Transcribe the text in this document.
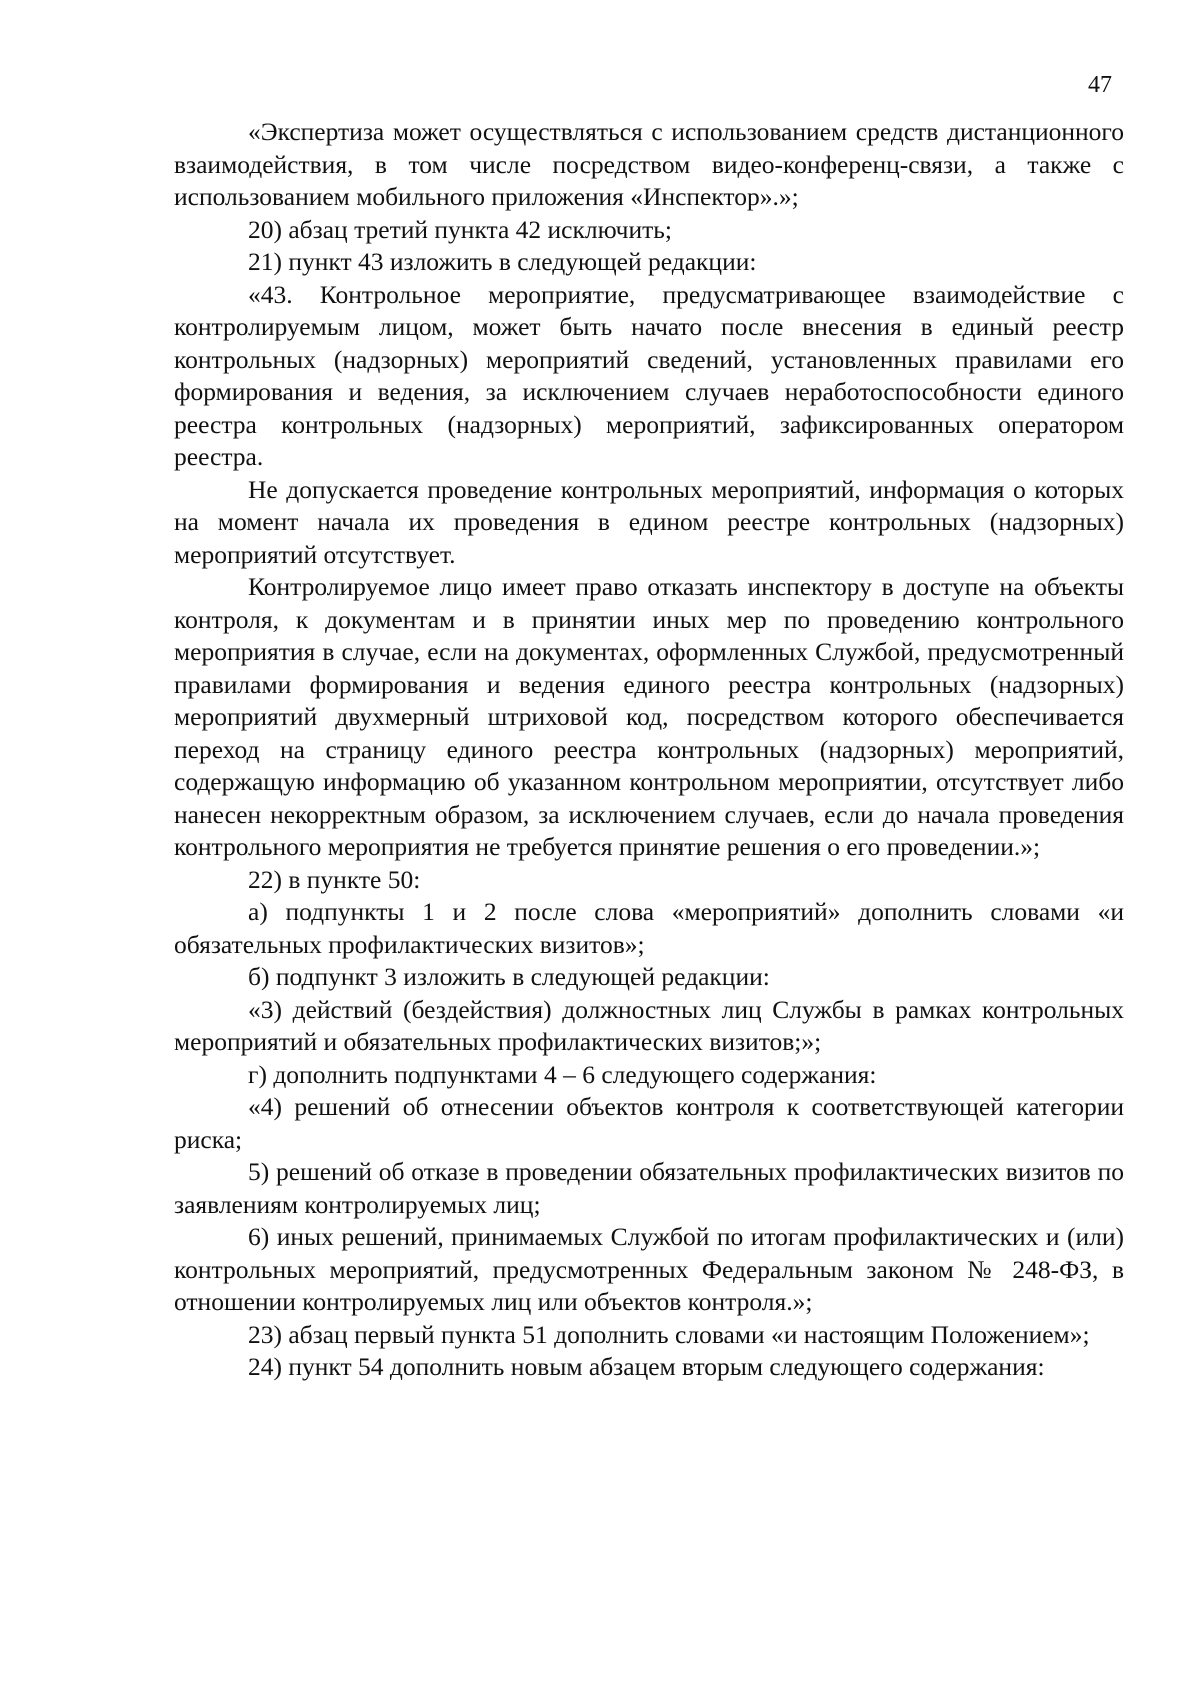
47

«Экспертиза может осуществляться с использованием средств дистанционного взаимодействия, в том числе посредством видео-конференц-связи, а также с использованием мобильного приложения «Инспектор».»;

20) абзац третий пункта 42 исключить;

21) пункт 43 изложить в следующей редакции:

«43. Контрольное мероприятие, предусматривающее взаимодействие с контролируемым лицом, может быть начато после внесения в единый реестр контрольных (надзорных) мероприятий сведений, установленных правилами его формирования и ведения, за исключением случаев неработоспособности единого реестра контрольных (надзорных) мероприятий, зафиксированных оператором реестра.

Не допускается проведение контрольных мероприятий, информация о которых на момент начала их проведения в едином реестре контрольных (надзорных) мероприятий отсутствует.

Контролируемое лицо имеет право отказать инспектору в доступе на объекты контроля, к документам и в принятии иных мер по проведению контрольного мероприятия в случае, если на документах, оформленных Службой, предусмотренный правилами формирования и ведения единого реестра контрольных (надзорных) мероприятий двухмерный штриховой код, посредством которого обеспечивается переход на страницу единого реестра контрольных (надзорных) мероприятий, содержащую информацию об указанном контрольном мероприятии, отсутствует либо нанесен некорректным образом, за исключением случаев, если до начала проведения контрольного мероприятия не требуется принятие решения о его проведении.»;

22) в пункте 50:

а) подпункты 1 и 2 после слова «мероприятий» дополнить словами «и обязательных профилактических визитов»;

б) подпункт 3 изложить в следующей редакции:

«3) действий (бездействия) должностных лиц Службы в рамках контрольных мероприятий и обязательных профилактических визитов;»;

г) дополнить подпунктами 4 – 6 следующего содержания:

«4) решений об отнесении объектов контроля к соответствующей категории риска;

5) решений об отказе в проведении обязательных профилактических визитов по заявлениям контролируемых лиц;

6) иных решений, принимаемых Службой по итогам профилактических и (или) контрольных мероприятий, предусмотренных Федеральным законом № 248-ФЗ, в отношении контролируемых лиц или объектов контроля.»;

23) абзац первый пункта 51 дополнить словами «и настоящим Положением»;

24) пункт 54 дополнить новым абзацем вторым следующего содержания:
